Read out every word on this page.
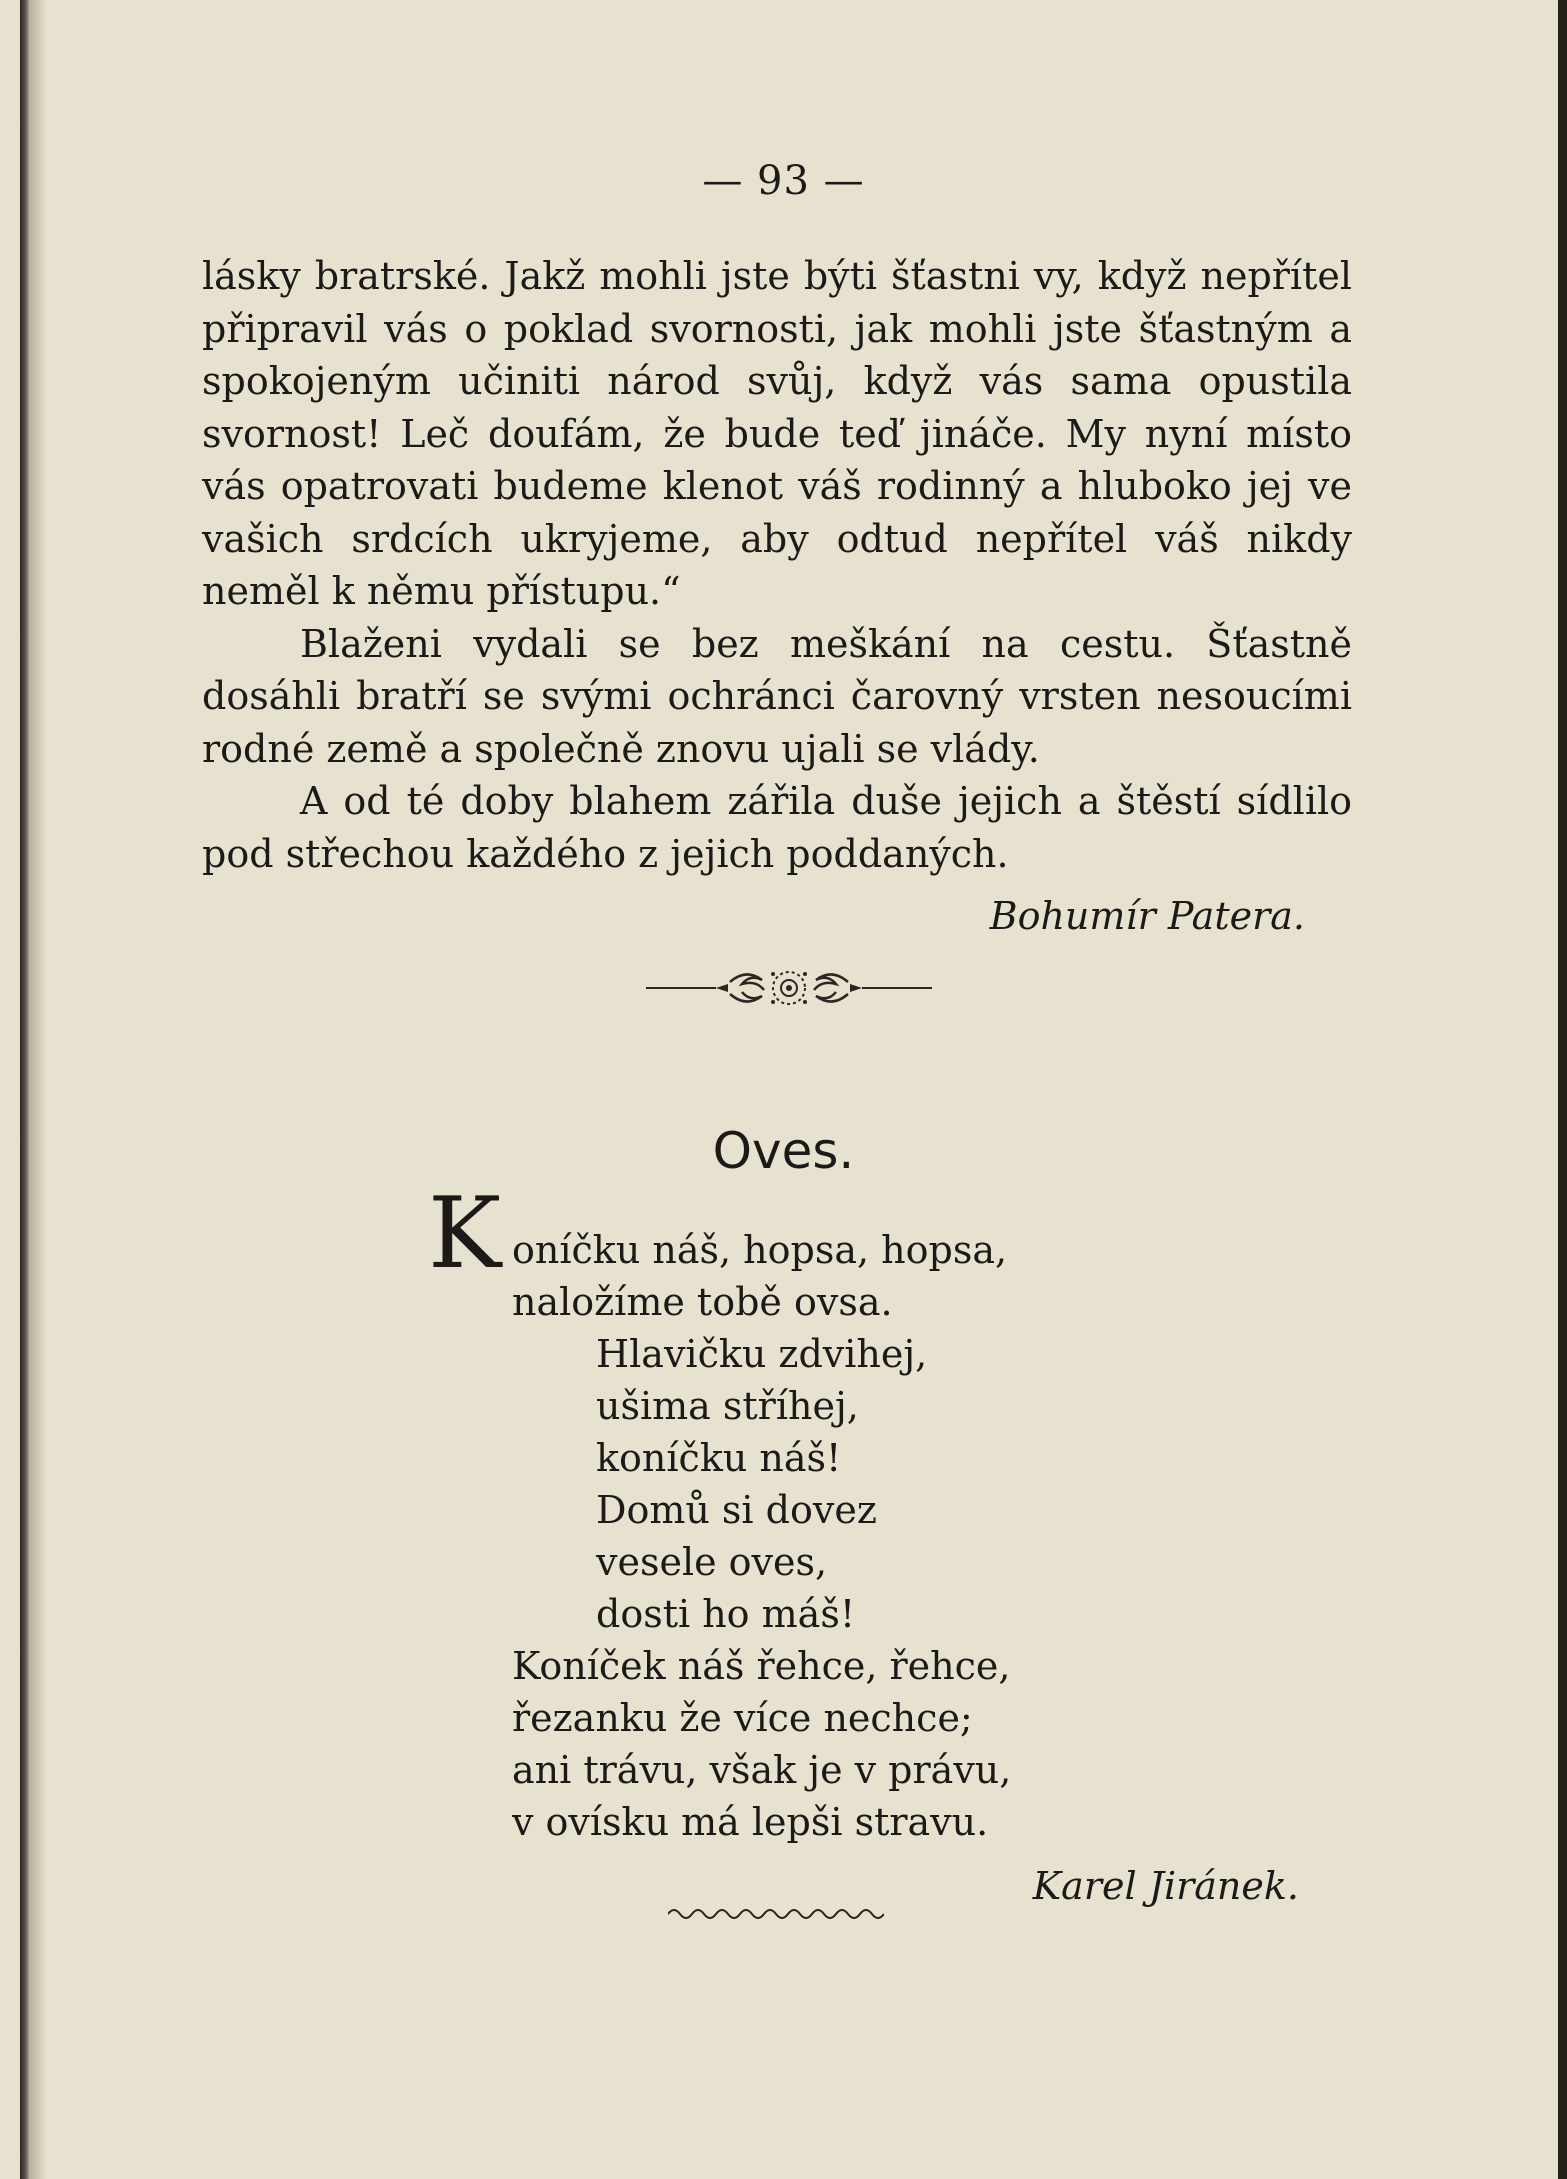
— 93 —

lásky bratrské. Jakž mohli jste býti šťastni vy, když nepřítel připravil vás o poklad svornosti, jak mohli jste šťastným a spokojeným učiniti národ svůj, když vás sama opustila svornost! Leč doufám, že bude teď jináče. My nyní místo vás opatrovati budeme klenot váš rodinný a hluboko jej ve vašich srdcích ukryjeme, aby odtud nepřítel váš nikdy neměl k němu přístupu.“

Blaženi vydali se bez meškání na cestu. Šťastně dosáhli bratří se svými ochránci čarovný vrsten nesoucími rodné země a společně znovu ujali se vlády.

A od té doby blahem zářila duše jejich a štěstí sídlilo pod střechou každého z jejich poddaných.

Bohumír Patera.
Oves.
K oníčku náš, hopsa, hopsa,
naložíme tobě ovsa.
Hlavičku zdvihej,
ušima stříhej,
koníčku náš!
Domů si dovez
vesele oves,
dosti ho máš!
Koníček náš řehce, řehce,
řezanku že více nechce;
ani trávu, však je v právu,
v ovísku má lepši stravu.
Karel Jiránek.
